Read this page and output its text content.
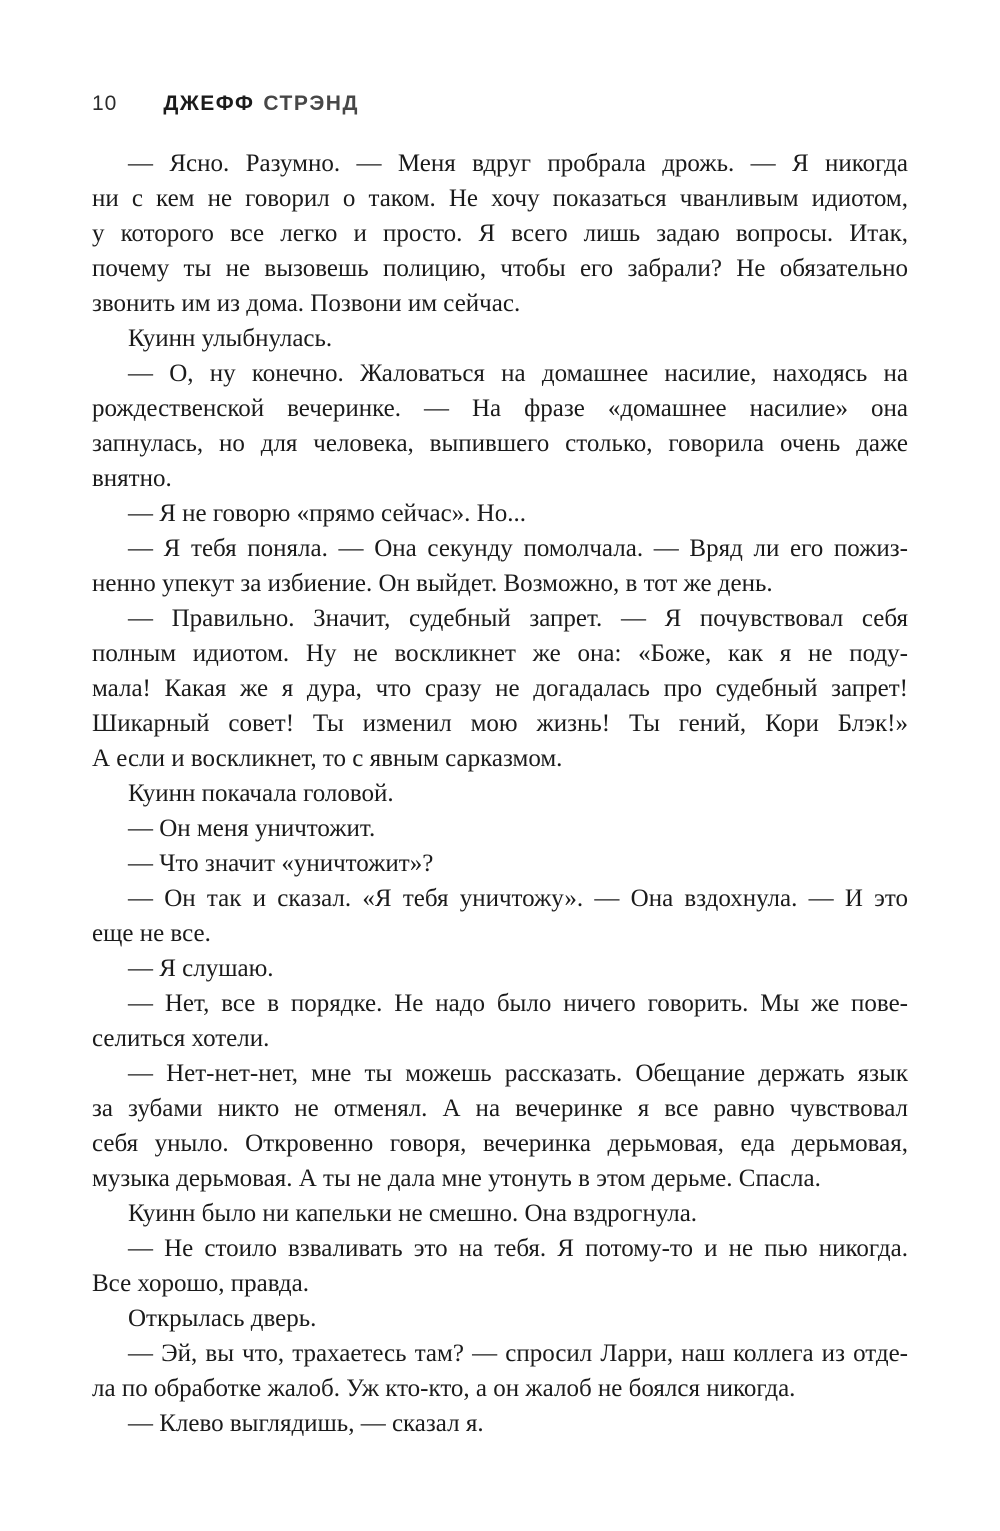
10 ДЖЕФФ СТРЭНД
— Ясно. Разумно. — Меня вдруг пробрала дрожь. — Я никогда
ни с кем не говорил о таком. Не хочу показаться чванливым идиотом,
у которого все легко и просто. Я всего лишь задаю вопросы. Итак,
почему ты не вызовешь полицию, чтобы его забрали? Не обязательно
звонить им из дома. Позвони им сейчас.
Куинн улыбнулась.
— О, ну конечно. Жаловаться на домашнее насилие, находясь на
рождественской вечеринке. — На фразе «домашнее насилие» она
запнулась, но для человека, выпившего столько, говорила очень даже
внятно.
— Я не говорю «прямо сейчас». Но...
— Я тебя поняла. — Она секунду помолчала. — Вряд ли его пожиз-
ненно упекут за избиение. Он выйдет. Возможно, в тот же день.
— Правильно. Значит, судебный запрет. — Я почувствовал себя
полным идиотом. Ну не воскликнет же она: «Боже, как я не поду-
мала! Какая же я дура, что сразу не догадалась про судебный запрет!
Шикарный совет! Ты изменил мою жизнь! Ты гений, Кори Блэк!»
А если и воскликнет, то с явным сарказмом.
Куинн покачала головой.
— Он меня уничтожит.
— Что значит «уничтожит»?
— Он так и сказал. «Я тебя уничтожу». — Она вздохнула. — И это
еще не все.
— Я слушаю.
— Нет, все в порядке. Не надо было ничего говорить. Мы же пове-
селиться хотели.
— Нет-нет-нет, мне ты можешь рассказать. Обещание держать язык
за зубами никто не отменял. А на вечеринке я все равно чувствовал
себя уныло. Откровенно говоря, вечеринка дерьмовая, еда дерьмовая,
музыка дерьмовая. А ты не дала мне утонуть в этом дерьме. Спасла.
Куинн было ни капельки не смешно. Она вздрогнула.
— Не стоило взваливать это на тебя. Я потому-то и не пью никогда.
Все хорошо, правда.
Открылась дверь.
— Эй, вы что, трахаетесь там? — спросил Ларри, наш коллега из отде-
ла по обработке жалоб. Уж кто-кто, а он жалоб не боялся никогда.
— Клево выглядишь, — сказал я.
